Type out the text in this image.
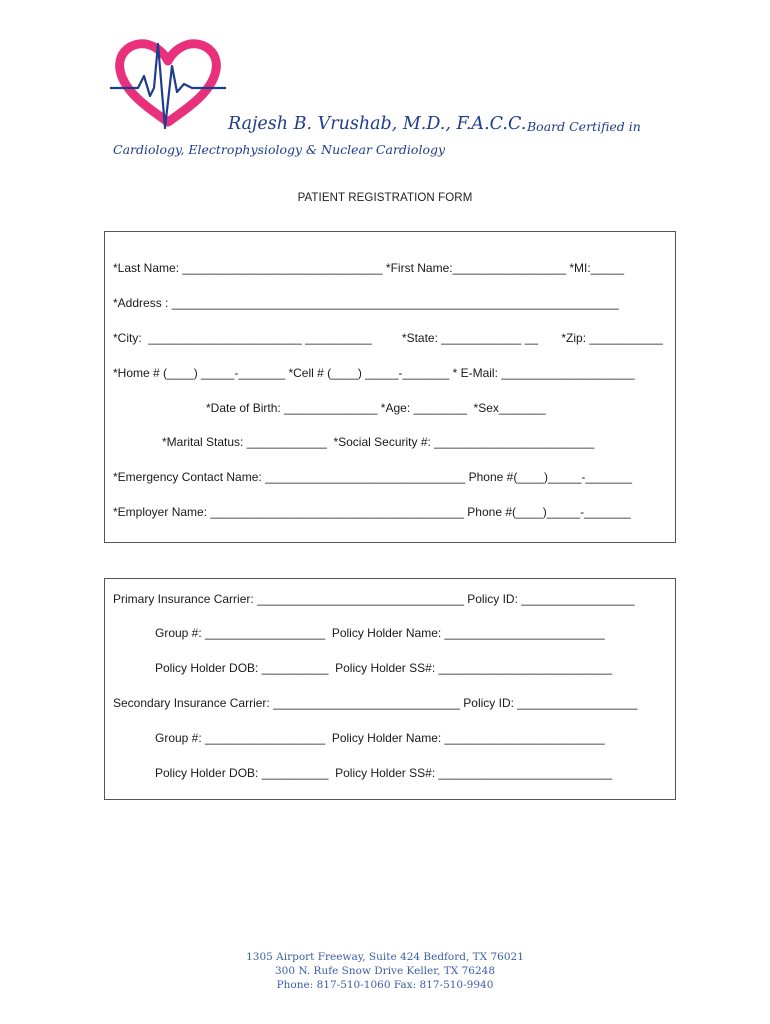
Rajesh B. Vrushab, M.D., F.A.C.C. Board Certified in
Cardiology, Electrophysiology & Nuclear Cardiology
PATIENT REGISTRATION FORM
*Last Name: ______________________________ *First Name:_________________ *MI:_____
*Address : ___________________________________________________________________
*City:  _______________________ __________         *State: ____________ __       *Zip: ___________
*Home # (____) _____-_______ *Cell # (____) _____-_______ * E-Mail: ____________________
*Date of Birth: ______________ *Age: ________  *Sex_______
*Marital Status: ____________  *Social Security #: ________________________
*Emergency Contact Name: ______________________________ Phone #(____)_____-_______
*Employer Name: ______________________________________ Phone #(____)_____-_______
Primary Insurance Carrier: _______________________________ Policy ID: _________________
Group #: __________________  Policy Holder Name: ________________________
Policy Holder DOB: __________  Policy Holder SS#: __________________________
Secondary Insurance Carrier: ____________________________ Policy ID: __________________
Group #: __________________  Policy Holder Name: ________________________
Policy Holder DOB: __________  Policy Holder SS#: __________________________
1305 Airport Freeway, Suite 424 Bedford, TX 76021
300 N. Rufe Snow Drive Keller, TX 76248
Phone: 817-510-1060 Fax: 817-510-9940
